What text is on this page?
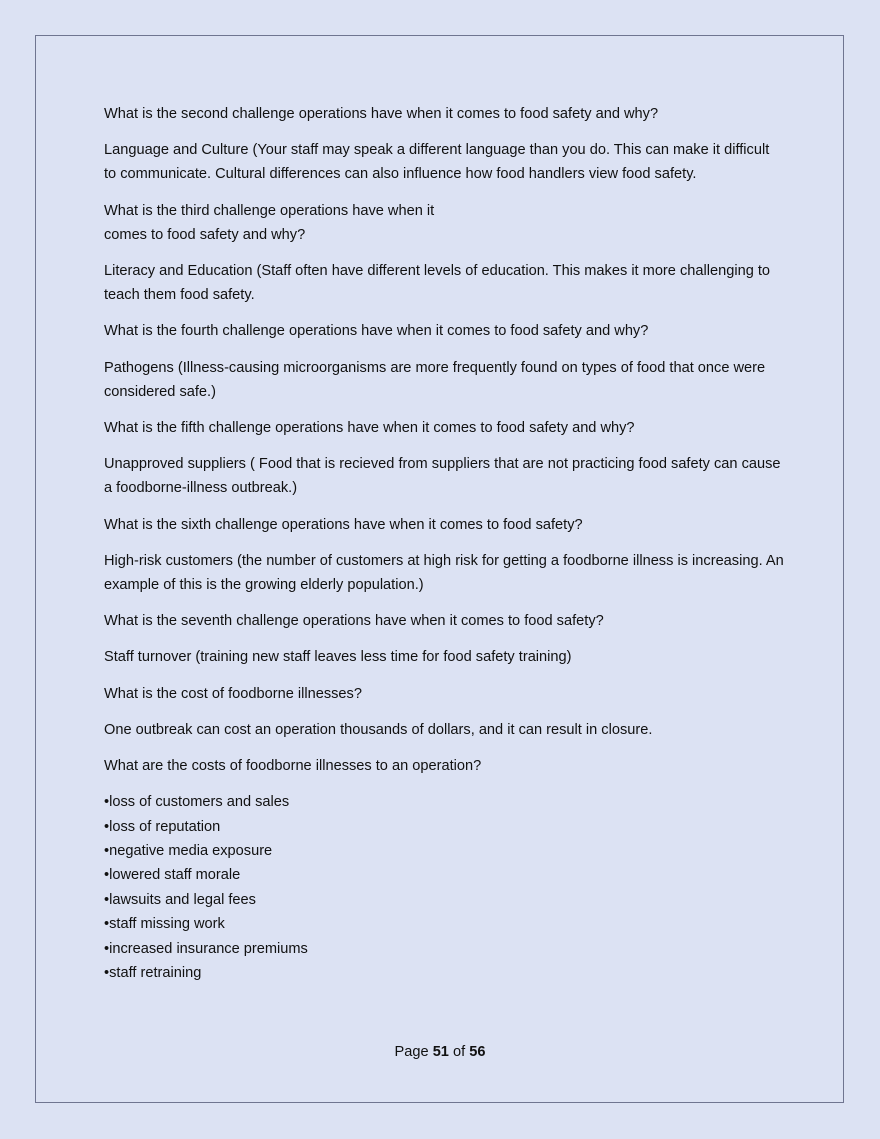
What is the second challenge operations have when it comes to food safety and why?

Language and Culture (Your staff may speak a different language than you do. This can make it difficult to communicate. Cultural differences can also influence how food handlers view food safety.

What is the third challenge operations have when it
comes to food safety and why?

Literacy and Education (Staff often have different levels of education. This makes it more challenging to teach them food safety.

What is the fourth challenge operations have when it comes to food safety and why?

Pathogens (Illness-causing microorganisms are more frequently found on types of food that once were considered safe.)

What is the fifth challenge operations have when it comes to food safety and why?

Unapproved suppliers ( Food that is recieved from suppliers that are not practicing food safety can cause a foodborne-illness outbreak.)

What is the sixth challenge operations have when it comes to food safety?

High-risk customers (the number of customers at high risk for getting a foodborne illness is increasing. An example of this is the growing elderly population.)

What is the seventh challenge operations have when it comes to food safety?

Staff turnover (training new staff leaves less time for food safety training)

What is the cost of foodborne illnesses?

One outbreak can cost an operation thousands of dollars, and it can result in closure.

What are the costs of foodborne illnesses to an operation?

•loss of customers and sales
•loss of reputation
•negative media exposure
•lowered staff morale
•lawsuits and legal fees
•staff missing work
•increased insurance premiums
•staff retraining
Page 51 of 56
